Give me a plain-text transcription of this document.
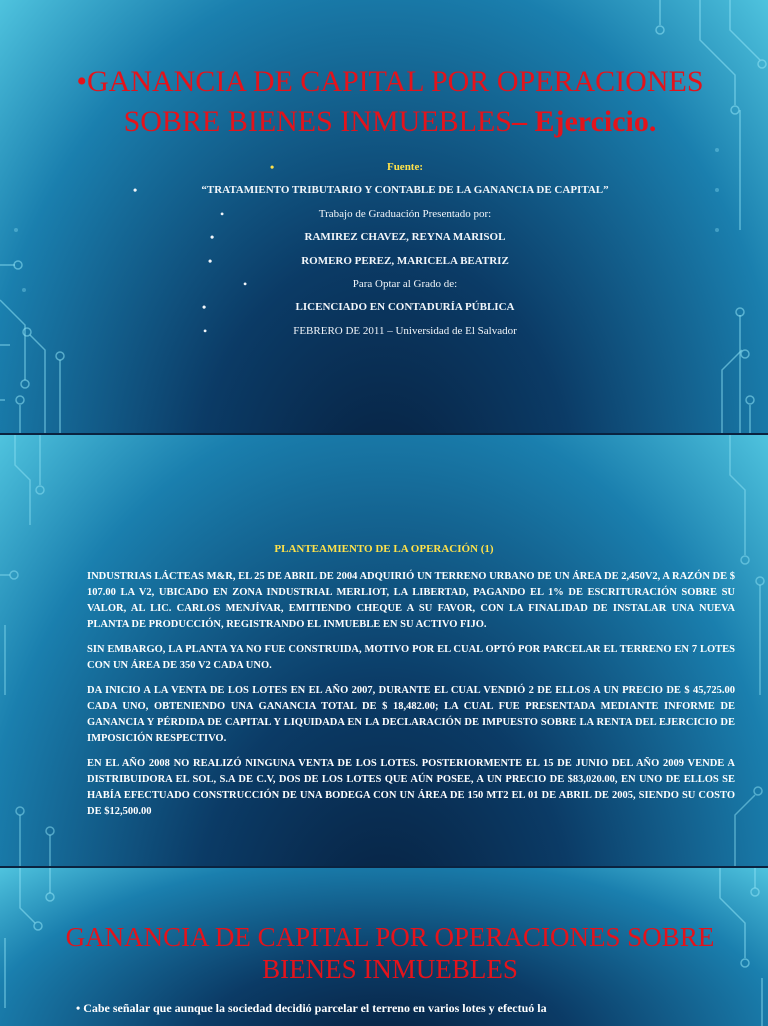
•GANANCIA DE CAPITAL POR OPERACIONES SOBRE BIENES INMUEBLES– Ejercicio.
•	Fuente:
•	“TRATAMIENTO TRIBUTARIO Y CONTABLE DE LA GANANCIA DE CAPITAL”
•	Trabajo de Graduación Presentado por:
•	RAMIREZ CHAVEZ, REYNA MARISOL
•	ROMERO PEREZ, MARICELA BEATRIZ
•	Para Optar al Grado de:
•	LICENCIADO EN CONTADURÍA PÚBLICA
•	FEBRERO DE 2011 – Universidad de El Salvador
PLANTEAMIENTO DE LA OPERACIÓN (1)

INDUSTRIAS LÁCTEAS M&R, EL 25 DE ABRIL DE 2004 ADQUIRIÓ UN TERRENO URBANO DE UN ÁREA DE 2,450V2, A RAZÓN DE $ 107.00 LA V2, UBICADO EN ZONA INDUSTRIAL MERLIOT, LA LIBERTAD, PAGANDO EL 1% DE ESCRITURACIÓN SOBRE SU VALOR, AL LIC. CARLOS MENJÍVAR, EMITIENDO CHEQUE A SU FAVOR, CON LA FINALIDAD DE INSTALAR UNA NUEVA PLANTA DE PRODUCCIÓN, REGISTRANDO EL INMUEBLE EN SU ACTIVO FIJO.

SIN EMBARGO, LA PLANTA YA NO FUE CONSTRUIDA, MOTIVO POR EL CUAL OPTÓ POR PARCELAR EL TERRENO EN 7 LOTES CON UN ÁREA DE 350 V2 CADA UNO.

DA INICIO A LA VENTA DE LOS LOTES EN EL AÑO 2007, DURANTE EL CUAL VENDIÓ 2 DE ELLOS A UN PRECIO DE $ 45,725.00 CADA UNO, OBTENIENDO UNA GANANCIA TOTAL DE $ 18,482.00; LA CUAL FUE PRESENTADA MEDIANTE INFORME DE GANANCIA Y PÉRDIDA DE CAPITAL Y LIQUIDADA EN LA DECLARACIÓN DE IMPUESTO SOBRE LA RENTA DEL EJERCICIO DE IMPOSICIÓN RESPECTIVO.

EN EL AÑO 2008 NO REALIZÓ NINGUNA VENTA DE LOS LOTES. POSTERIORMENTE EL 15 DE JUNIO DEL AÑO 2009 VENDE A DISTRIBUIDORA EL SOL, S.A DE C.V, DOS DE LOS LOTES QUE AÚN POSEE, A UN PRECIO DE $83,020.00, EN UNO DE ELLOS SE HABÍA EFECTUADO CONSTRUCCIÓN DE UNA BODEGA CON UN ÁREA DE 150 MT2 EL 01 DE ABRIL DE 2005, SIENDO SU COSTO DE $12,500.00

GANANCIA DE CAPITAL POR OPERACIONES SOBRE BIENES INMUEBLES
• Cabe señalar que aunque la sociedad decidió parcelar el terreno en varios lotes y efectuó la
